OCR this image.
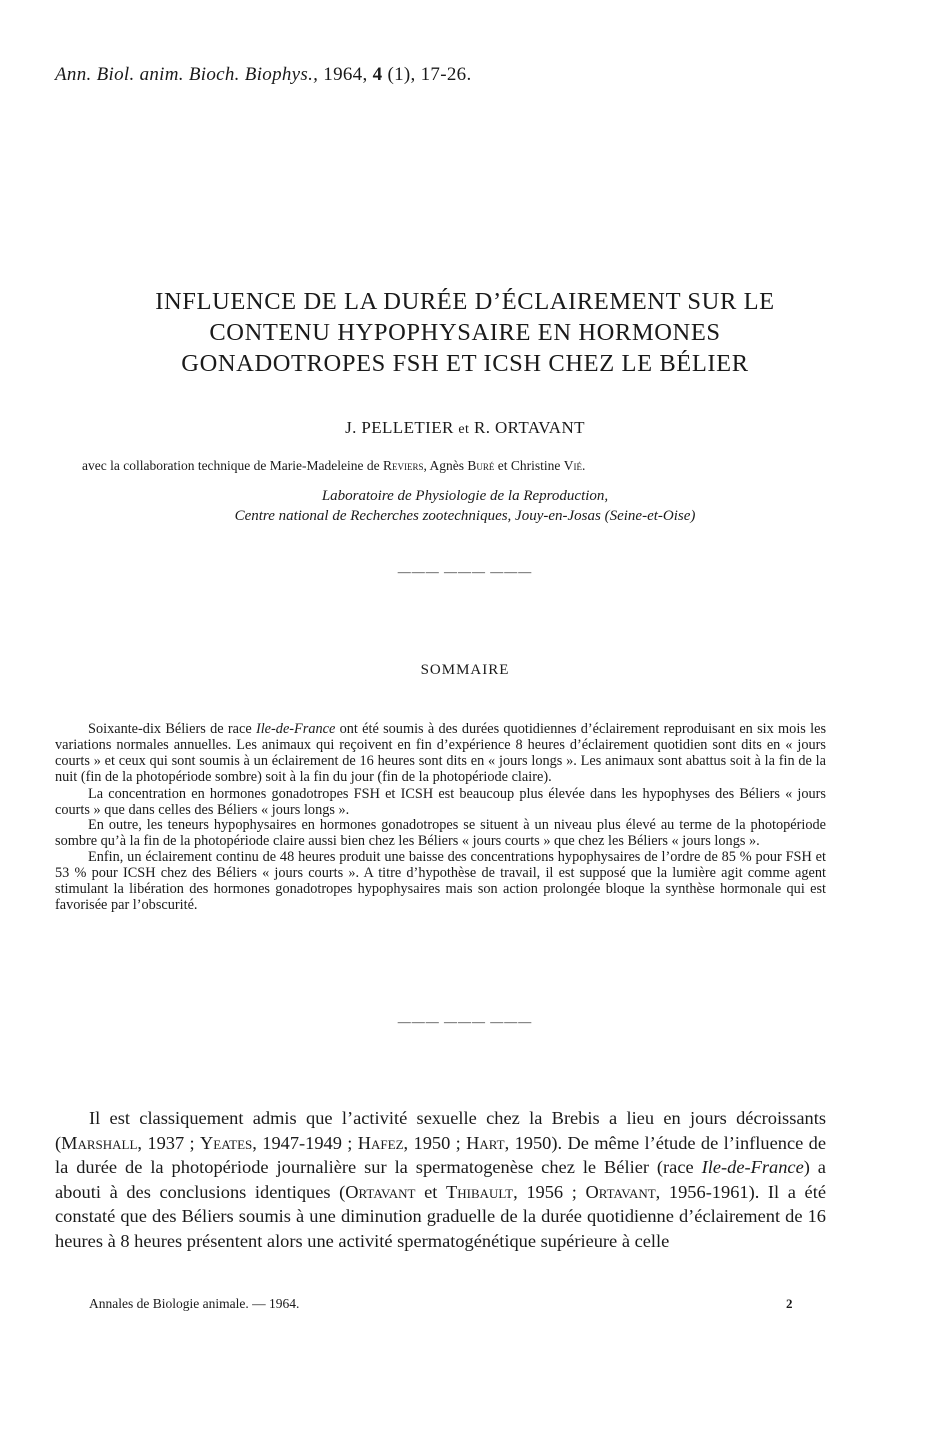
Ann. Biol. anim. Bioch. Biophys., 1964, 4 (1), 17-26.
INFLUENCE DE LA DURÉE D’ÉCLAIREMENT SUR LE
CONTENU HYPOPHYSAIRE EN HORMONES
GONADOTROPES FSH ET ICSH CHEZ LE BÉLIER
J. PELLETIER et R. ORTAVANT
avec la collaboration technique de Marie-Madeleine de Reviers, Agnès Buré et Christine Vié.
Laboratoire de Physiologie de la Reproduction,
Centre national de Recherches zootechniques, Jouy-en-Josas (Seine-et-Oise)
——— ——— ———
SOMMAIRE

Soixante-dix Béliers de race Ile-de-France ont été soumis à des durées quotidiennes d’éclairement reproduisant en six mois les variations normales annuelles. Les animaux qui reçoivent en fin d’expérience 8 heures d’éclairement quotidien sont dits en « jours courts » et ceux qui sont soumis à un éclairement de 16 heures sont dits en « jours longs ». Les animaux sont abattus soit à la fin de la nuit (fin de la photopériode sombre) soit à la fin du jour (fin de la photopériode claire).

La concentration en hormones gonadotropes FSH et ICSH est beaucoup plus élevée dans les hypophyses des Béliers « jours courts » que dans celles des Béliers « jours longs ».

En outre, les teneurs hypophysaires en hormones gonadotropes se situent à un niveau plus élevé au terme de la photopériode sombre qu’à la fin de la photopériode claire aussi bien chez les Béliers « jours courts » que chez les Béliers « jours longs ».

Enfin, un éclairement continu de 48 heures produit une baisse des concentrations hypophysaires de l’ordre de 85 % pour FSH et 53 % pour ICSH chez des Béliers « jours courts ». A titre d’hypothèse de travail, il est supposé que la lumière agit comme agent stimulant la libération des hormones gonadotropes hypophysaires mais son action prolongée bloque la synthèse hormonale qui est favorisée par l’obscurité.

——— ——— ———

Il est classiquement admis que l’activité sexuelle chez la Brebis a lieu en jours décroissants (Marshall, 1937 ; Yeates, 1947-1949 ; Hafez, 1950 ; Hart, 1950). De même l’étude de l’influence de la durée de la photopériode journalière sur la spermatogenèse chez le Bélier (race Ile-de-France) a abouti à des conclusions identiques (Ortavant et Thibault, 1956 ; Ortavant, 1956-1961). Il a été constaté que des Béliers soumis à une diminution graduelle de la durée quotidienne d’éclairement de 16 heures à 8 heures présentent alors une activité spermatogénétique supérieure à celle

Annales de Biologie animale. — 1964.	2
